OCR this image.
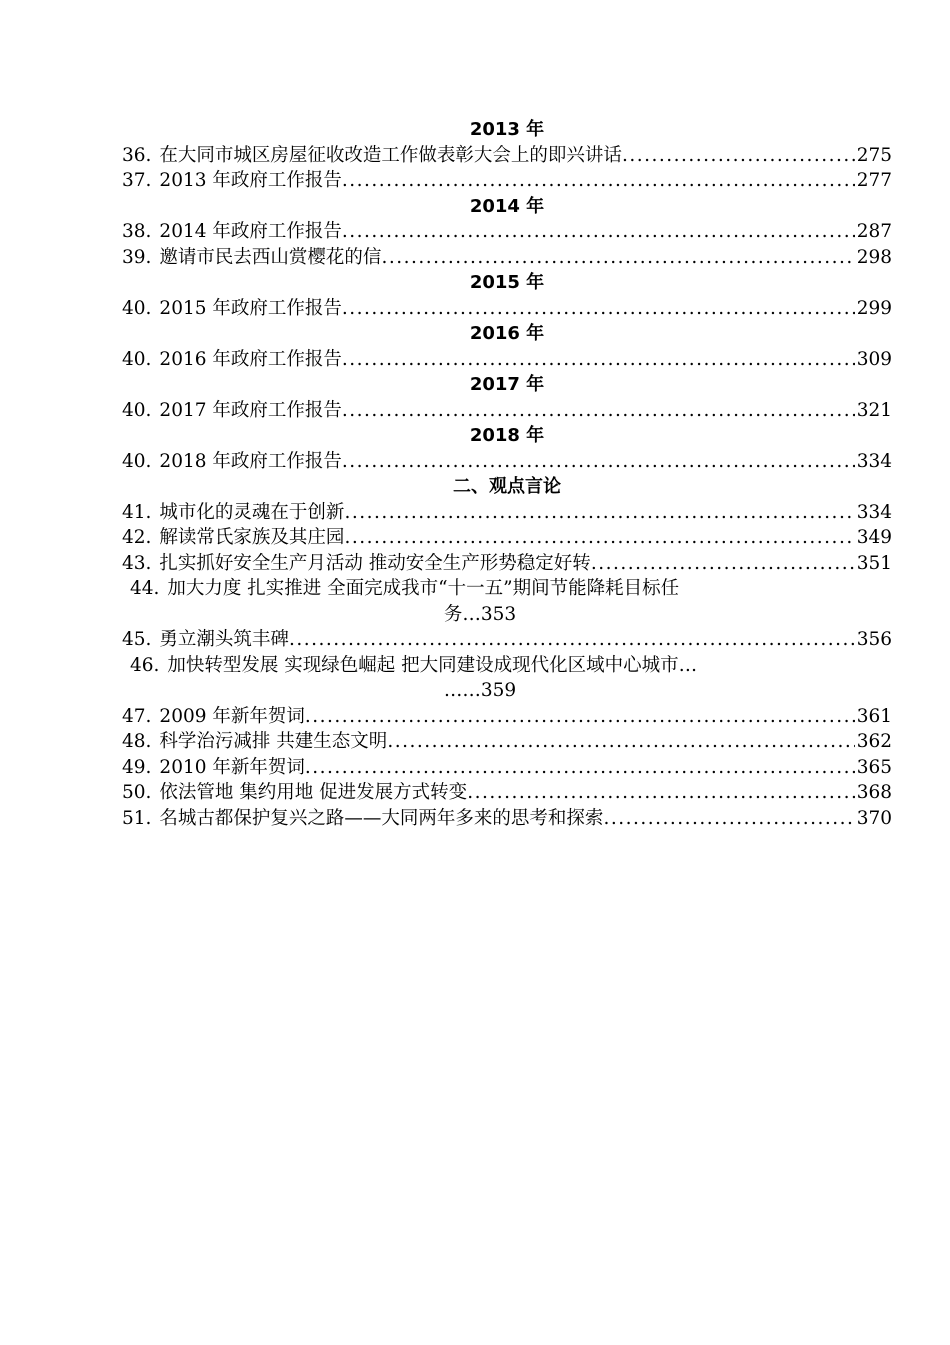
2013 年
36. 在大同市城区房屋征收改造工作做表彰大会上的即兴讲话 .....	275
37. 2013 年政府工作报告 .....	277
2014 年
38. 2014 年政府工作报告 .....	287
39. 邀请市民去西山赏樱花的信 .....	298
2015 年
40. 2015 年政府工作报告 .....	299
2016 年
40. 2016 年政府工作报告 .....	309
2017 年
40. 2017 年政府工作报告 .....	321
2018 年
40. 2018 年政府工作报告 .....	334
二、观点言论
41. 城市化的灵魂在于创新 .....	334
42. 解读常氏家族及其庄园 .....	349
43. 扎实抓好安全生产月活动 推动安全生产形势稳定好转 .....	351
44. 加大力度 扎实推进 全面完成我市“十一五”期间节能降耗目标任
务…353
45. 勇立潮头筑丰碑 .....	356
46. 加快转型发展 实现绿色崛起 把大同建设成现代化区域中心城市…
……359
47. 2009 年新年贺词 .....	361
48. 科学治污减排 共建生态文明 .....	362
49. 2010 年新年贺词 .....	365
50. 依法管地 集约用地 促进发展方式转变 .....	368
51. 名城古都保护复兴之路——大同两年多来的思考和探索 .....	370
